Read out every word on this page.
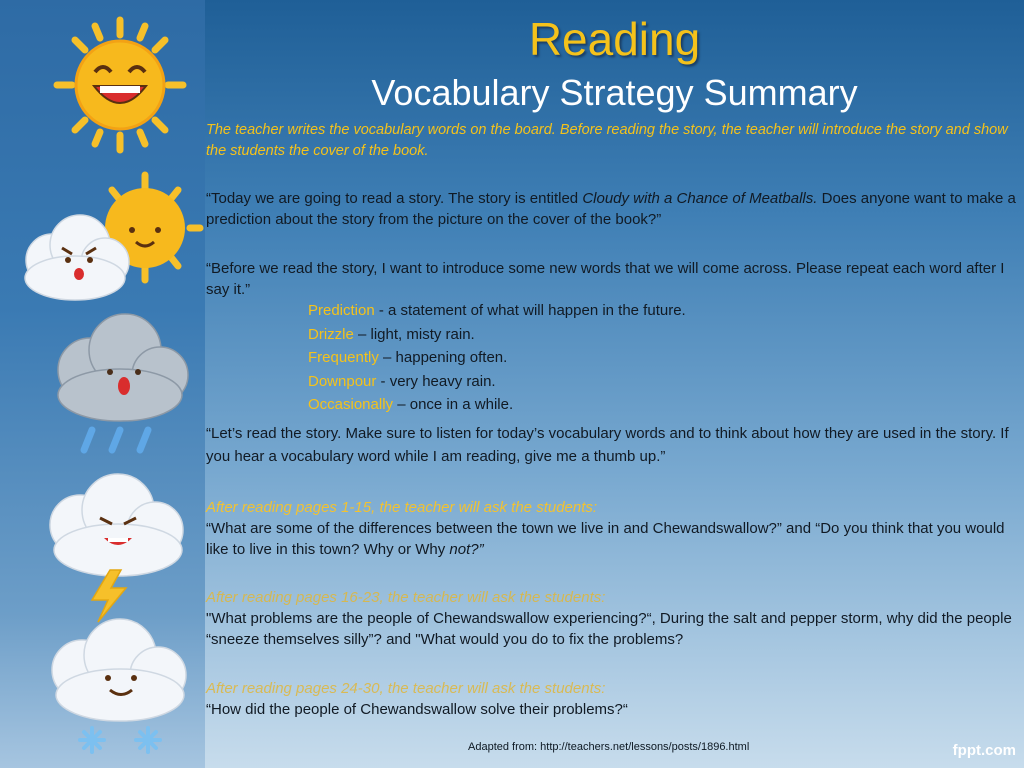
Reading
Vocabulary Strategy Summary
The teacher writes the vocabulary words on the board. Before reading the story, the teacher will introduce the story and show the students the cover of the book.
“Today we are going to read a story. The story is entitled Cloudy with a Chance of Meatballs. Does anyone want to make a prediction about the story from the picture on the cover of the book?”
“Before we read the story, I want to introduce some new words that we will come across. Please repeat each word after I say it.”
Prediction - a statement of what will happen in the future.
Drizzle – light, misty rain.
Frequently – happening often.
Downpour - very heavy rain.
Occasionally – once in a while.
“Let’s read the story. Make sure to listen for today’s vocabulary words and to think about how they are used in the story. If you hear a vocabulary word while I am reading, give me a thumb up.”
After reading pages 1-15, the teacher will ask the students:
“What are some of the differences between the town we live in and Chewandswallow?” and “Do you think that you would like to live in this town? Why or Why not?”
After reading pages 16-23, the teacher will ask the students:
"What problems are the people of Chewandswallow experiencing?“, During the salt and pepper storm, why did the people “sneeze themselves silly”? and "What would you do to fix the problems?
After reading pages 24-30, the teacher will ask the students:
“How did the people of Chewandswallow solve their problems?“
Adapted from: http://teachers.net/lessons/posts/1896.html	fppt.com
